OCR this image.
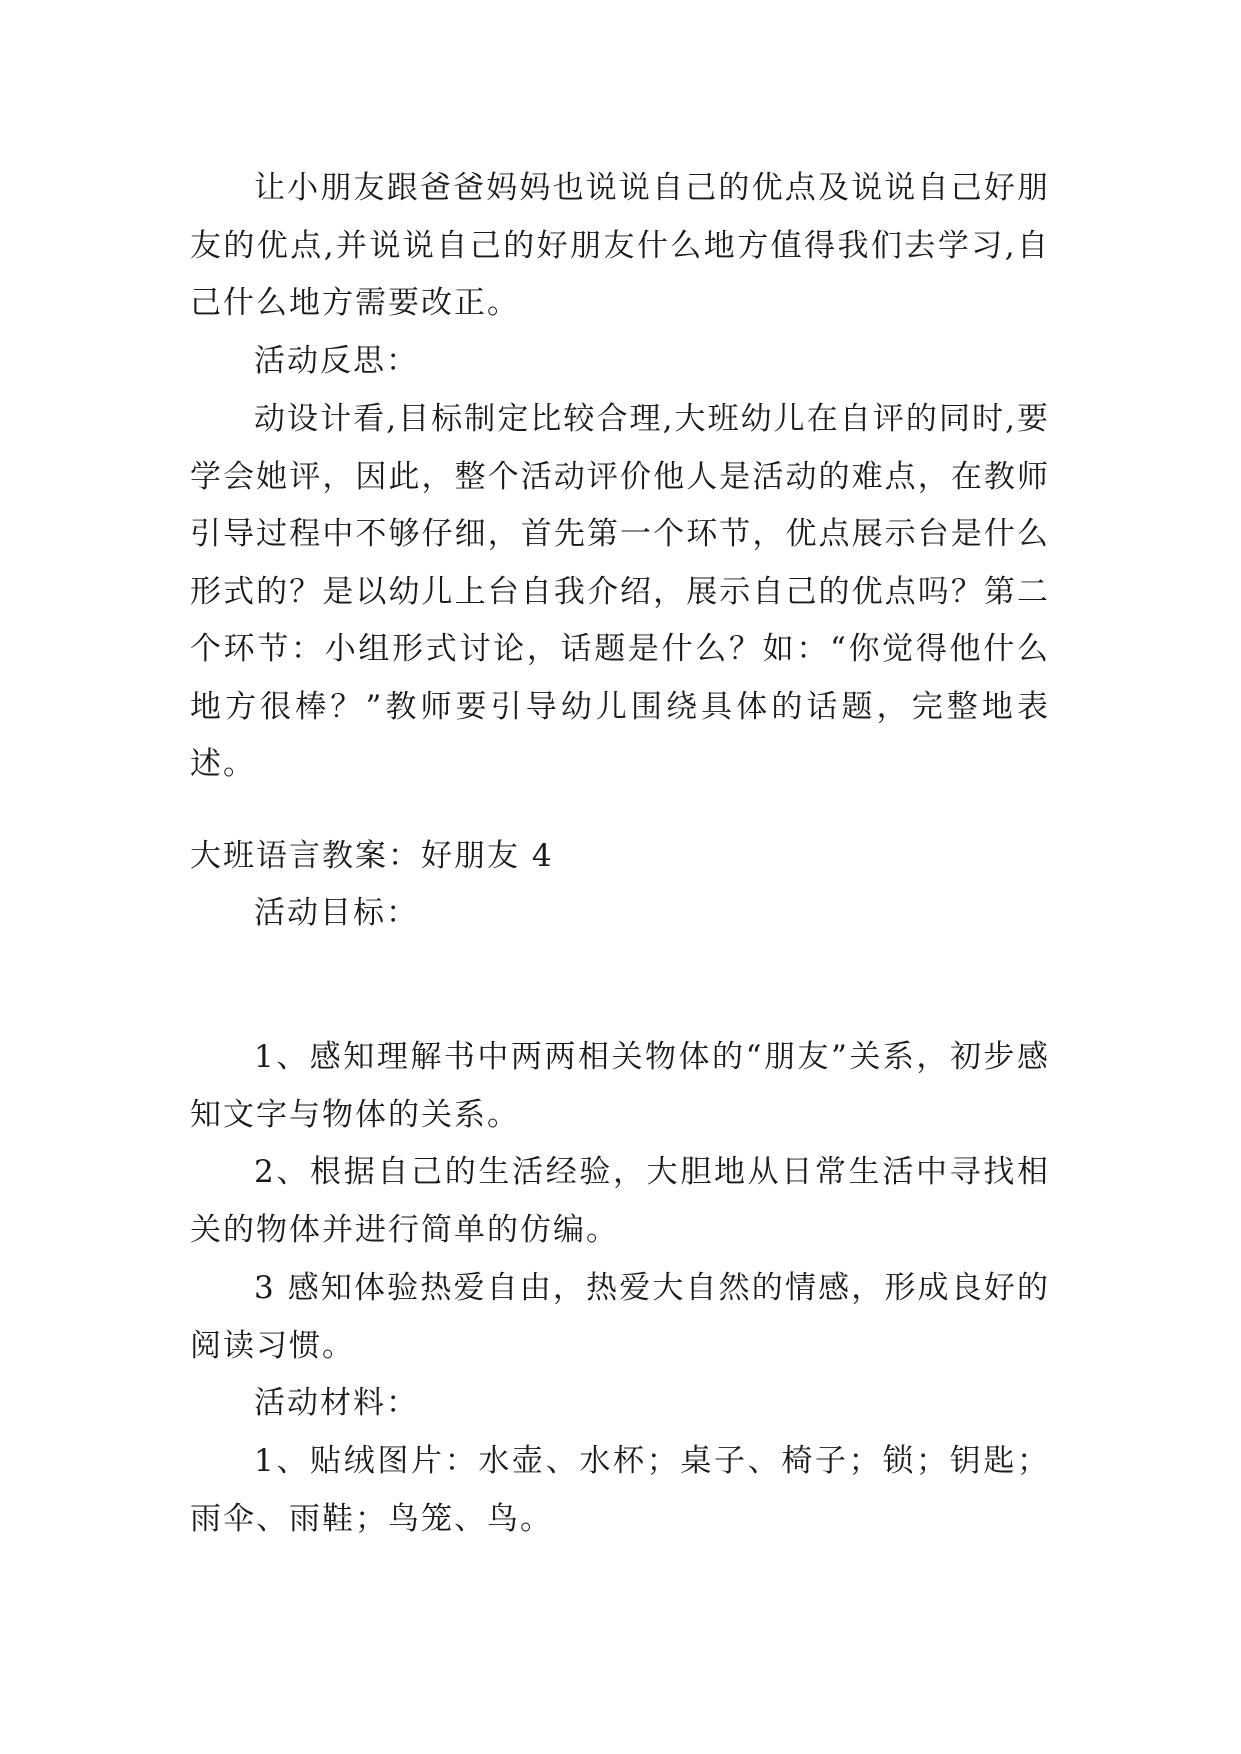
让小朋友跟爸爸妈妈也说说自己的优点及说说自己好朋友的优点,并说说自己的好朋友什么地方值得我们去学习,自己什么地方需要改正。

活动反思：

动设计看,目标制定比较合理,大班幼儿在自评的同时,要学会她评，因此，整个活动评价他人是活动的难点，在教师引导过程中不够仔细，首先第一个环节，优点展示台是什么形式的？是以幼儿上台自我介绍，展示自己的优点吗？第二个环节：小组形式讨论，话题是什么？如：“你觉得他什么地方很棒？”教师要引导幼儿围绕具体的话题，完整地表述。

大班语言教案：好朋友 4

活动目标：

1、感知理解书中两两相关物体的“朋友”关系，初步感知文字与物体的关系。

2、根据自己的生活经验，大胆地从日常生活中寻找相关的物体并进行简单的仿编。

3 感知体验热爱自由，热爱大自然的情感，形成良好的阅读习惯。

活动材料：

1、贴绒图片：水壶、水杯；桌子、椅子；锁；钥匙；雨伞、雨鞋；鸟笼、鸟。
